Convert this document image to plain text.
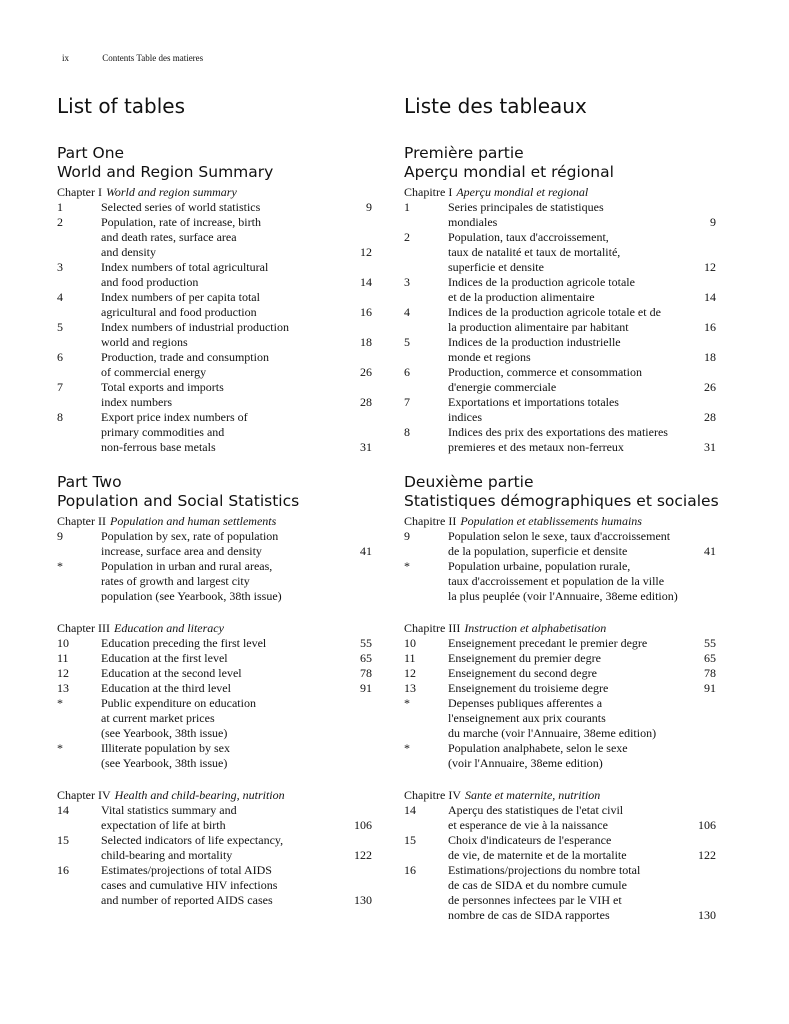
ix	Contents Table des matieres
List of tables
Part One
World and Region Summary
Chapter I World and region summary
1	Selected series of world statistics	9
2	Population, rate of increase, birth
and death rates, surface area
and density	12
3	Index numbers of total agricultural
and food production	14
4	Index numbers of per capita total
agricultural and food production	16
5	Index numbers of industrial production
world and regions	18
6	Production, trade and consumption
of commercial energy	26
7	Total exports and imports
index numbers	28
8	Export price index numbers of
primary commodities and
non-ferrous base metals	31
Part Two
Population and Social Statistics
Chapter II Population and human settlements
9	Population by sex, rate of population
increase, surface area and density	41
*	Population in urban and rural areas,
rates of growth and largest city
population (see Yearbook, 38th issue)
Chapter III Education and literacy
10	Education preceding the first level	55
11	Education at the first level	65
12	Education at the second level	78
13	Education at the third level	91
*	Public expenditure on education
at current market prices
(see Yearbook, 38th issue)
*	Illiterate population by sex
(see Yearbook, 38th issue)
Chapter IV Health and child-bearing, nutrition
14	Vital statistics summary and
expectation of life at birth	106
15	Selected indicators of life expectancy,
child-bearing and mortality	122
16	Estimates/projections of total AIDS
cases and cumulative HIV infections
and number of reported AIDS cases	130
Liste des tableaux
Première partie
Aperçu mondial et régional
Chapitre I Aperçu mondial et regional
1	Series principales de statistiques
mondiales	9
2	Population, taux d'accroissement,
taux de natalité et taux de mortalité,
superficie et densite	12
3	Indices de la production agricole totale
et de la production alimentaire	14
4	Indices de la production agricole totale et de
la production alimentaire par habitant	16
5	Indices de la production industrielle
monde et regions	18
6	Production, commerce et consommation
d'energie commerciale	26
7	Exportations et importations totales
indices	28
8	Indices des prix des exportations des matieres
premieres et des metaux non-ferreux	31
Deuxième partie
Statistiques démographiques et sociales
Chapitre II Population et etablissements humains
9	Population selon le sexe, taux d'accroissement
de la population, superficie et densite	41
*	Population urbaine, population rurale,
taux d'accroissement et population de la ville
la plus peuplée (voir l'Annuaire, 38eme edition)
Chapitre III Instruction et alphabetisation
10	Enseignement precedant le premier degre	55
11	Enseignement du premier degre	65
12	Enseignement du second degre	78
13	Enseignement du troisieme degre	91
*	Depenses publiques afferentes a
l'enseignement aux prix courants
du marche (voir l'Annuaire, 38eme edition)
*	Population analphabete, selon le sexe
(voir l'Annuaire, 38eme edition)
Chapitre IV Sante et maternite, nutrition
14	Aperçu des statistiques de l'etat civil
et esperance de vie à la naissance	106
15	Choix d'indicateurs de l'esperance
de vie, de maternite et de la mortalite	122
16	Estimations/projections du nombre total
de cas de SIDA et du nombre cumule
de personnes infectees par le VIH et
nombre de cas de SIDA rapportes	130
